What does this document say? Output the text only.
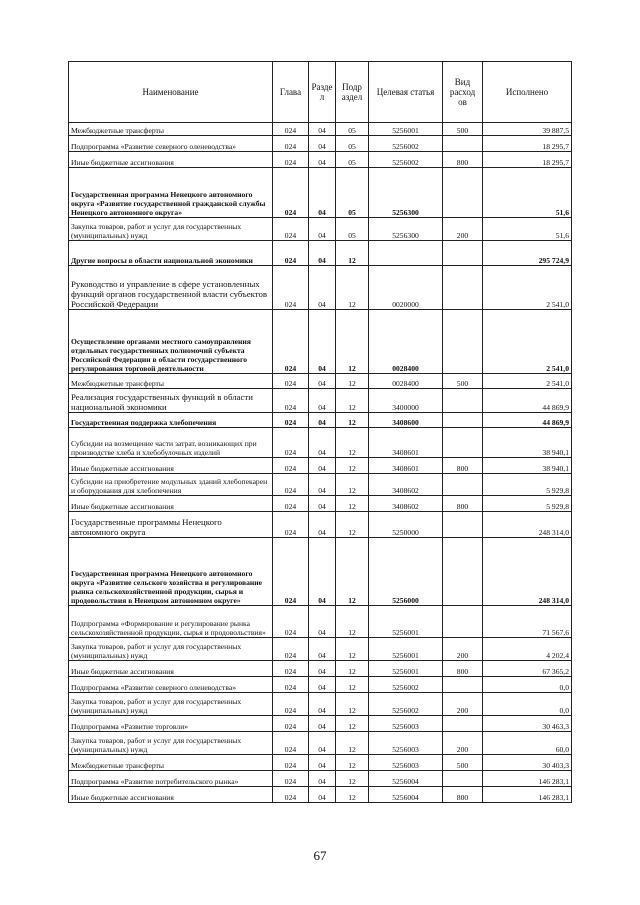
Наименование	Глава	Разде л	Подр аздел	Целевая статья	Вид расход ов	Исполнено
Межбюджетные трансферты	024	04	05	5256001	500	39 887,5
Подпрограмма «Развитие северного оленеводства»	024	04	05	5256002		18 295,7
Иные бюджетные ассигнования	024	04	05	5256002	800	18 295,7
Государственная программа Ненецкого автономного округа «Развитие государственной гражданской службы Ненецкого автономного округа»	024	04	05	5256300		51,6
Закупка товаров, работ и услуг для государственных (муниципальных) нужд	024	04	05	5256300	200	51,6
Другие вопросы в области национальной экономики	024	04	12			295 724,9
Руководство и управление в сфере установленных функций органов государственной власти субъектов Российской Федерации	024	04	12	0020000		2 541,0
Осуществление органами местного самоуправления отдельных государственных полномочий субъекта Российской Федерации в области государственного регулирования торговой деятельности	024	04	12	0028400		2 541,0
Межбюджетные трансферты	024	04	12	0028400	500	2 541,0
Реализация государственных функций в области национальной экономики	024	04	12	3400000		44 869,9
Государственная поддержка хлебопечения	024	04	12	3408600		44 869,9
Субсидии на возмещение части затрат, возникающих при производстве хлеба и хлебобулочных изделий	024	04	12	3408601		38 940,1
Иные бюджетные ассигнования	024	04	12	3408601	800	38 940,1
Субсидии на приобретение модульных зданий хлебопекарен и оборудования для хлебопечения	024	04	12	3408602		5 929,8
Иные бюджетные ассигнования	024	04	12	3408602	800	5 929,8
Государственные программы Ненецкого автономного округа	024	04	12	5250000		248 314,0
Государственная программа Ненецкого автономного округа «Развитие сельского хозяйства и регулирование рынка сельскохозяйственной продукции, сырья и продовольствия в Ненецком автономном округе»	024	04	12	5256000		248 314,0
Подпрограмма «Формирование и регулирование рынка сельскохозяйственной продукции, сырья и продовольствия»	024	04	12	5256001		71 567,6
Закупка товаров, работ и услуг для государственных (муниципальных) нужд	024	04	12	5256001	200	4 202,4
Иные бюджетные ассигнования	024	04	12	5256001	800	67 365,2
Подпрограмма «Развитие северного оленеводства»	024	04	12	5256002		0,0
Закупка товаров, работ и услуг для государственных (муниципальных) нужд	024	04	12	5256002	200	0,0
Подпрограмма «Развитие торговли»	024	04	12	5256003		30 463,3
Закупка товаров, работ и услуг для государственных (муниципальных) нужд	024	04	12	5256003	200	60,0
Межбюджетные трансферты	024	04	12	5256003	500	30 403,3
Подпрограмма «Развитие потребительского рынка»	024	04	12	5256004		146 283,1
Иные бюджетные ассигнования	024	04	12	5256004	800	146 283,1
67
